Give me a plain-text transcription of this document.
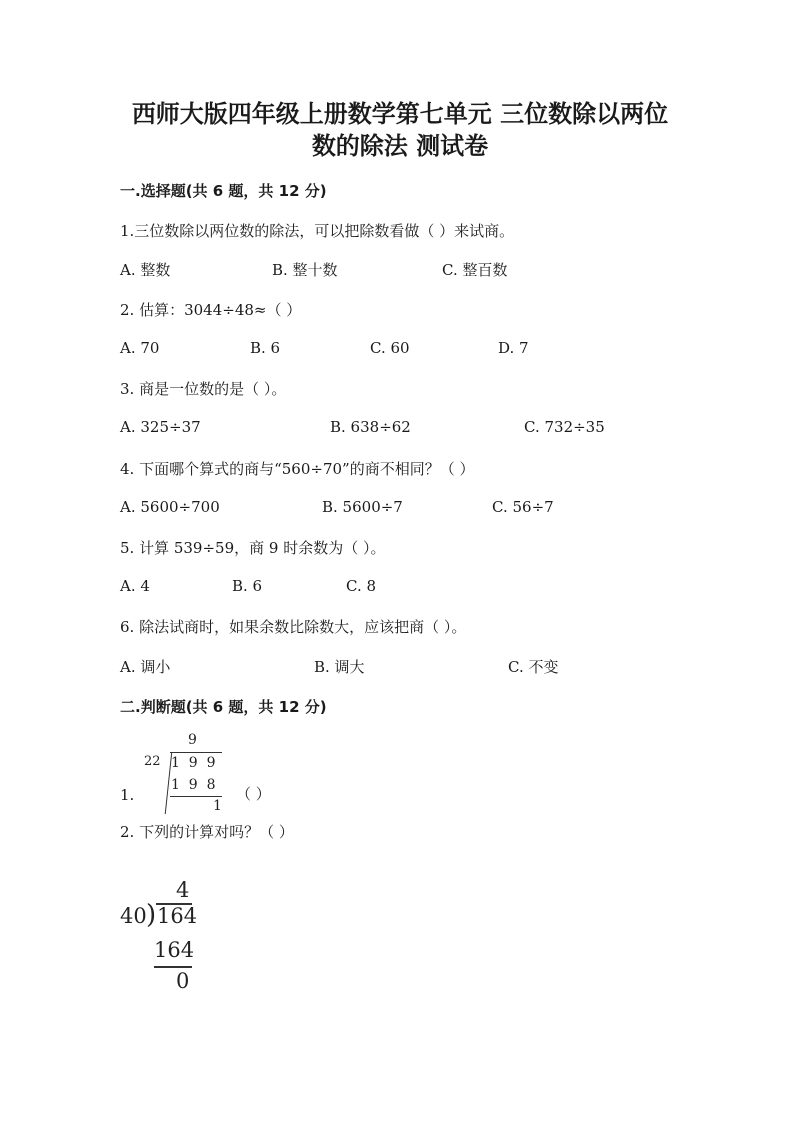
西师大版四年级上册数学第七单元 三位数除以两位
数的除法 测试卷
一.选择题(共 6 题，共 12 分)
1.三位数除以两位数的除法，可以把除数看做（ ）来试商。
A. 整数	B. 整十数	C. 整百数
2. 估算：3044÷48≈（ ）
A. 70	B. 6	C. 60	D. 7
3. 商是一位数的是（ ）。
A. 325÷37	B. 638÷62	C. 732÷35
4. 下面哪个算式的商与“560÷70”的商不相同？（ ）
A. 5600÷700	B. 5600÷7	C. 56÷7
5. 计算 539÷59，商 9 时余数为（ ）。
A. 4	B. 6	C. 8
6. 除法试商时，如果余数比除数大，应该把商（ ）。
A. 调小	B. 调大	C. 不变
二.判断题(共 6 题，共 12 分)
1.
9
22 1  9  9
1  9  8
1
（ ）
2. 下列的计算对吗？（ ）
4
40 ) 164
164
0
